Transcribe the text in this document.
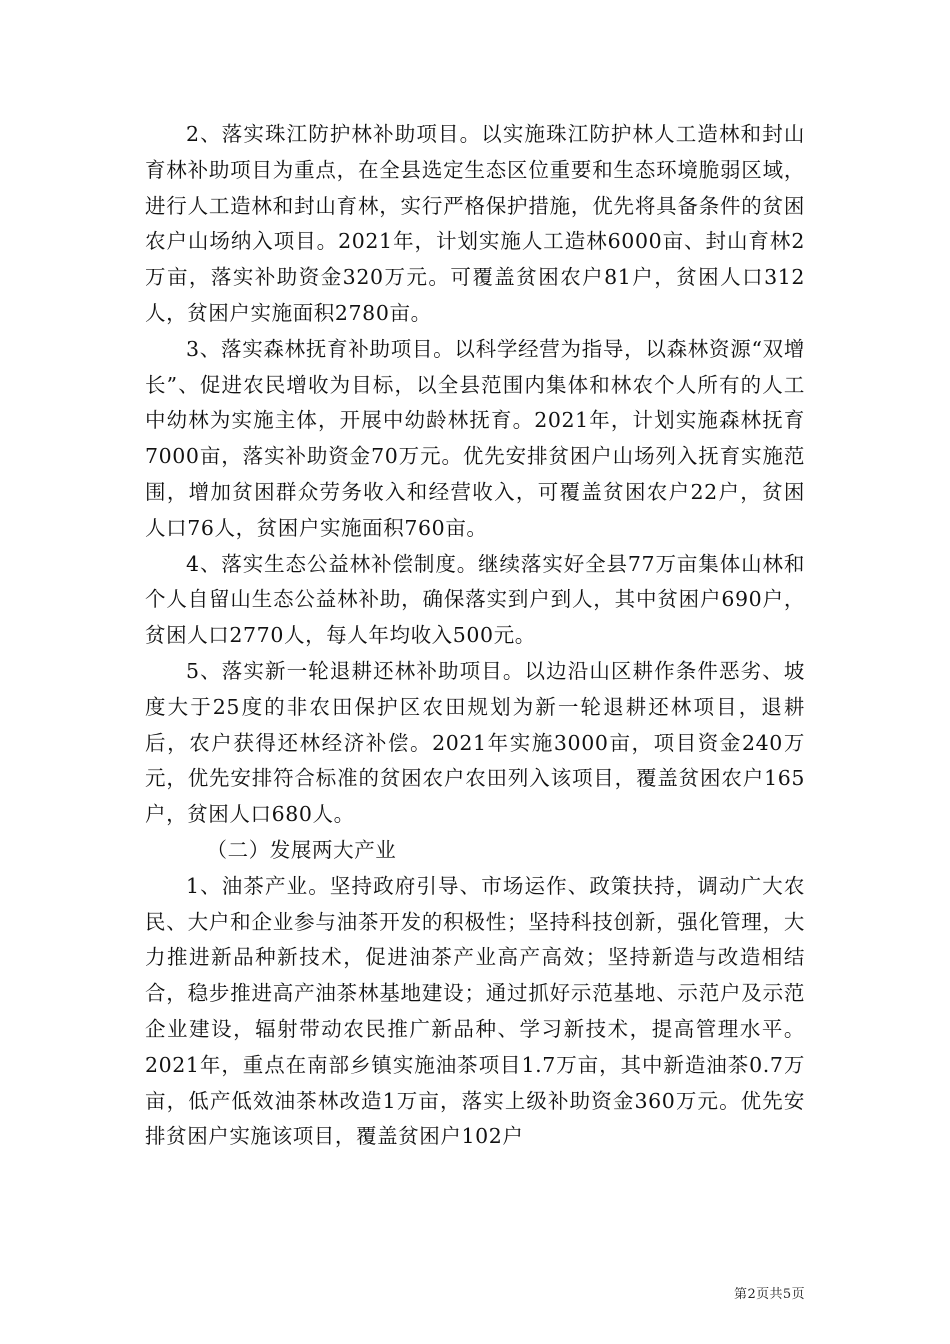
2、落实珠江防护林补助项目。以实施珠江防护林人工造林和封山育林补助项目为重点，在全县选定生态区位重要和生态环境脆弱区域，进行人工造林和封山育林，实行严格保护措施，优先将具备条件的贫困农户山场纳入项目。2021年，计划实施人工造林6000亩、封山育林2万亩，落实补助资金320万元。可覆盖贫困农户81户，贫困人口312人，贫困户实施面积2780亩。

3、落实森林抚育补助项目。以科学经营为指导，以森林资源“双增长”、促进农民增收为目标，以全县范围内集体和林农个人所有的人工中幼林为实施主体，开展中幼龄林抚育。2021年，计划实施森林抚育7000亩，落实补助资金70万元。优先安排贫困户山场列入抚育实施范围，增加贫困群众劳务收入和经营收入，可覆盖贫困农户22户，贫困人口76人，贫困户实施面积760亩。

4、落实生态公益林补偿制度。继续落实好全县77万亩集体山林和个人自留山生态公益林补助，确保落实到户到人，其中贫困户690户，贫困人口2770人，每人年均收入500元。

5、落实新一轮退耕还林补助项目。以边沿山区耕作条件恶劣、坡度大于25度的非农田保护区农田规划为新一轮退耕还林项目，退耕后，农户获得还林经济补偿。2021年实施3000亩，项目资金240万元，优先安排符合标准的贫困农户农田列入该项目，覆盖贫困农户165户，贫困人口680人。

（二）发展两大产业

1、油茶产业。坚持政府引导、市场运作、政策扶持，调动广大农民、大户和企业参与油茶开发的积极性；坚持科技创新，强化管理，大力推进新品种新技术，促进油茶产业高产高效；坚持新造与改造相结合，稳步推进高产油茶林基地建设；通过抓好示范基地、示范户及示范企业建设，辐射带动农民推广新品种、学习新技术，提高管理水平。2021年，重点在南部乡镇实施油茶项目1.7万亩，其中新造油茶0.7万亩，低产低效油茶林改造1万亩，落实上级补助资金360万元。优先安排贫困户实施该项目，覆盖贫困户102户

第2页共5页
